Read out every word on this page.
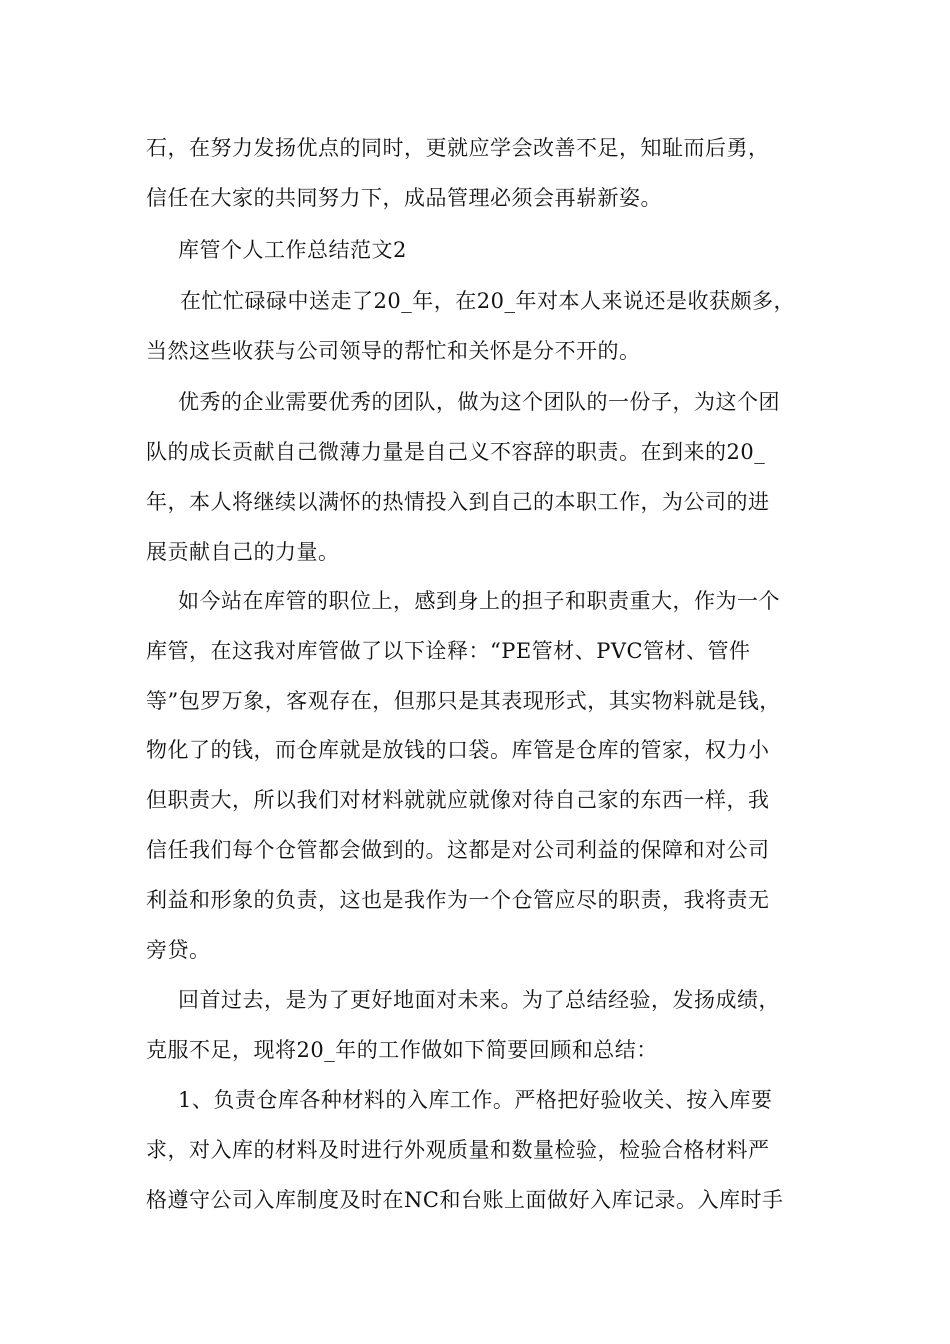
石，在努力发扬优点的同时，更就应学会改善不足，知耻而后勇，
信任在大家的共同努力下，成品管理必须会再崭新姿。
库管个人工作总结范文2
在忙忙碌碌中送走了20_年，在20_年对本人来说还是收获颇多，
当然这些收获与公司领导的帮忙和关怀是分不开的。
优秀的企业需要优秀的团队，做为这个团队的一份子，为这个团
队的成长贡献自己微薄力量是自己义不容辞的职责。在到来的20_
年，本人将继续以满怀的热情投入到自己的本职工作，为公司的进
展贡献自己的力量。
如今站在库管的职位上，感到身上的担子和职责重大，作为一个
库管，在这我对库管做了以下诠释：“PE管材、PVC管材、管件
等”包罗万象，客观存在，但那只是其表现形式，其实物料就是钱，
物化了的钱，而仓库就是放钱的口袋。库管是仓库的管家，权力小
但职责大，所以我们对材料就就应就像对待自己家的东西一样，我
信任我们每个仓管都会做到的。这都是对公司利益的保障和对公司
利益和形象的负责，这也是我作为一个仓管应尽的职责，我将责无
旁贷。
回首过去，是为了更好地面对未来。为了总结经验，发扬成绩，
克服不足，现将20_年的工作做如下简要回顾和总结：
1、负责仓库各种材料的入库工作。严格把好验收关、按入库要
求，对入库的材料及时进行外观质量和数量检验，检验合格材料严
格遵守公司入库制度及时在NC和台账上面做好入库记录。入库时手
